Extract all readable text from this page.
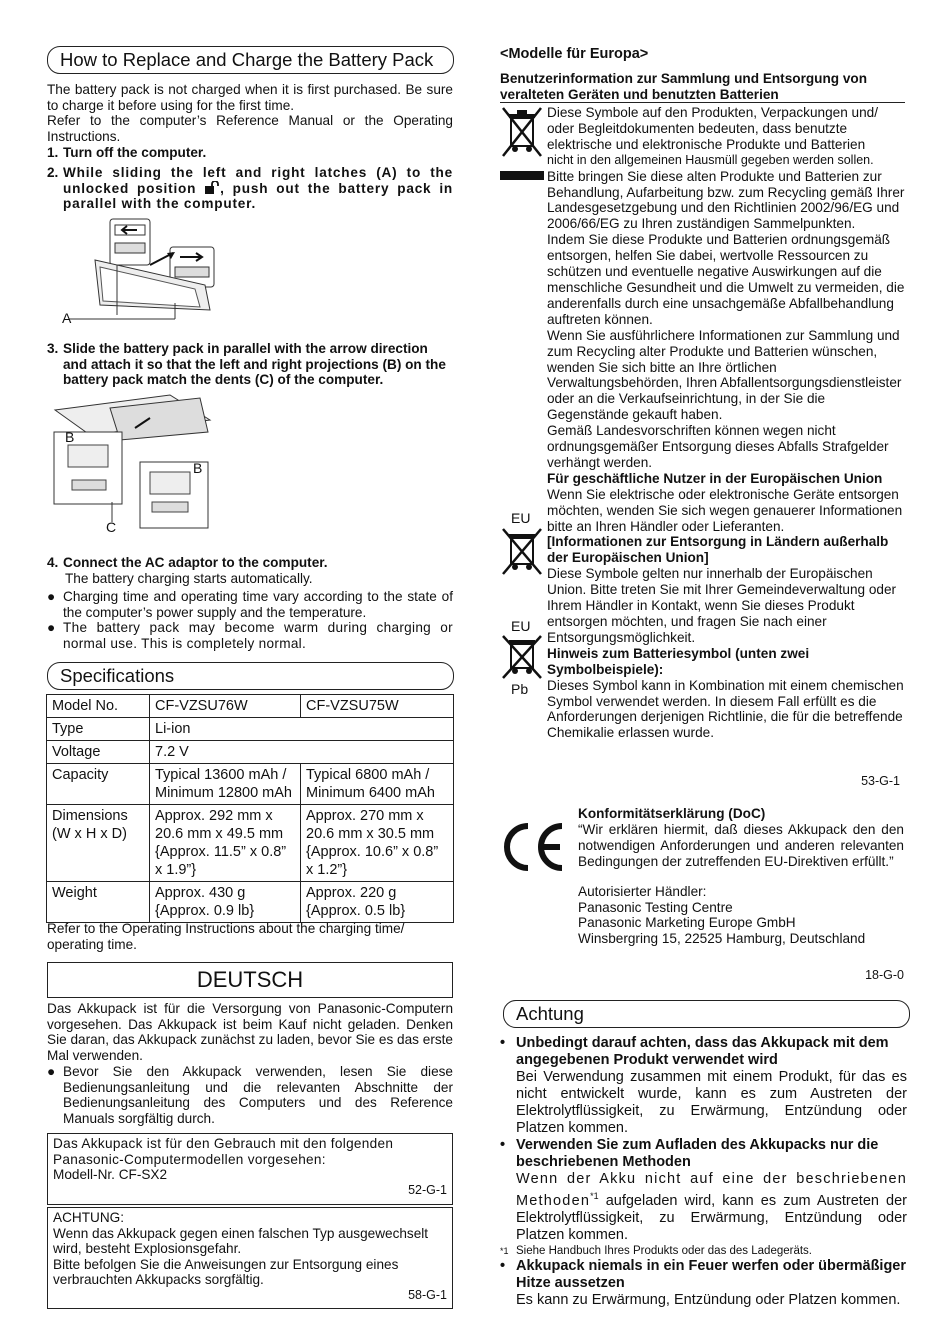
How to Replace and Charge the Battery Pack

The battery pack is not charged when it is first purchased. Be sure to charge it before using for the first time.

Refer to the computer’s Reference Manual or the Operating Instructions.

1. Turn off the computer.
2. While sliding the left and right latches (A) to the unlocked position , push out the battery pack in parallel with the computer.
A
3. Slide the battery pack in parallel with the arrow direction and attach it so that the left and right projections (B) on the battery pack match the dents (C) of the computer.
B
B
C
4. Connect the AC adaptor to the computer.
The battery charging starts automatically.
● Charging time and operating time vary according to the state of the computer’s power supply and the temperature.
● The battery pack may become warm during charging or normal use. This is completely normal.
Specifications
Model No.	CF-VZSU76W	CF-VZSU75W
Type	Li-ion	
Voltage	7.2 V	
Capacity	Typical 13600 mAh / Minimum 12800 mAh	Typical 6800 mAh / Minimum 6400 mAh
Dimensions (W x H x D)	Approx. 292 mm x 20.6 mm x 49.5 mm {Approx. 11.5” x 0.8” x 1.9”}	Approx. 270 mm x 20.6 mm x 30.5 mm {Approx. 10.6” x 0.8” x 1.2”}
Weight	Approx. 430 g {Approx. 0.9 lb}	Approx. 220 g {Approx. 0.5 lb}
Refer to the Operating Instructions about the charging time/ operating time.
DEUTSCH
Das Akkupack ist für die Versorgung von Panasonic-Computern vorgesehen. Das Akkupack ist beim Kauf nicht geladen. Denken Sie daran, das Akkupack zunächst zu laden, bevor Sie es das erste Mal verwenden.
● Bevor Sie den Akkupack verwenden, lesen Sie diese Bedienungsanleitung und die relevanten Abschnitte der Bedienungsanleitung des Computers und des Reference Manuals sorgfältig durch.
Das Akkupack ist für den Gebrauch mit den folgenden Panasonic-Computermodellen vorgesehen:
Modell-Nr. CF-SX2
52-G-1
ACHTUNG:
Wenn das Akkupack gegen einen falschen Typ ausgewechselt wird, besteht Explosionsgefahr.
Bitte befolgen Sie die Anweisungen zur Entsorgung eines verbrauchten Akkupacks sorgfältig.
58-G-1
<Modelle für Europa>
Benutzerinformation zur Sammlung und Entsorgung von veralteten Geräten und benutzten Batterien

Diese Symbole auf den Produkten, Verpackungen und/ oder Begleitdokumenten bedeuten, dass benutzte elektrische und elektronische Produkte und Batterien

nicht in den allgemeinen Hausmüll gegeben werden sollen.

Bitte bringen Sie diese alten Produkte und Batterien zur Behandlung, Aufarbeitung bzw. zum Recycling gemäß Ihrer Landesgesetzgebung und den Richtlinien 2002/96/EG und 2006/66/EG zu Ihren zuständigen Sammelpunkten.

Indem Sie diese Produkte und Batterien ordnungsgemäß entsorgen, helfen Sie dabei, wertvolle Ressourcen zu schützen und eventuelle negative Auswirkungen auf die menschliche Gesundheit und die Umwelt zu vermeiden, die anderenfalls durch eine unsachgemäße Abfallbehandlung auftreten können.

Wenn Sie ausführlichere Informationen zur Sammlung und zum Recycling alter Produkte und Batterien wünschen, wenden Sie sich bitte an Ihre örtlichen Verwaltungsbehörden, Ihren Abfallentsorgungsdienstleister oder an die Verkaufseinrichtung, in der Sie die Gegenstände gekauft haben.

Gemäß Landesvorschriften können wegen nicht ordnungsgemäßer Entsorgung dieses Abfalls Strafgelder verhängt werden.

Für geschäftliche Nutzer in der Europäischen Union

Wenn Sie elektrische oder elektronische Geräte entsorgen möchten, wenden Sie sich wegen genauerer Informationen bitte an Ihren Händler oder Lieferanten.

[Informationen zur Entsorgung in Ländern außerhalb der Europäischen Union]

Diese Symbole gelten nur innerhalb der Europäischen Union. Bitte treten Sie mit Ihrer Gemeindeverwaltung oder Ihrem Händler in Kontakt, wenn Sie dieses Produkt entsorgen möchten, und fragen Sie nach einer Entsorgungsmöglichkeit.

Hinweis zum Batteriesymbol (unten zwei Symbolbeispiele):

Dieses Symbol kann in Kombination mit einem chemischen Symbol verwendet werden. In diesem Fall erfüllt es die Anforderungen derjenigen Richtlinie, die für die betreffende Chemikalie erlassen wurde.

EU
EU
Pb
53-G-1

Konformitätserklärung (DoC)

“Wir erklären hiermit, daß dieses Akkupack den den notwendigen Anforderungen und anderen relevanten Bedingungen der zutreffenden EU-Direktiven erfüllt.”

Autorisierter Händler:

Panasonic Testing Centre

Panasonic Marketing Europe GmbH

Winsbergring 15, 22525 Hamburg, Deutschland

18-G-0
Achtung
• Unbedingt darauf achten, dass das Akkupack mit dem angegebenen Produkt verwendet wird
Bei Verwendung zusammen mit einem Produkt, für das es nicht entwickelt wurde, kann es zum Austreten der Elektrolytflüssigkeit, zu Erwärmung, Entzündung oder Platzen kommen.
• Verwenden Sie zum Aufladen des Akkupacks nur die beschriebenen Methoden
Wenn der Akku nicht auf eine der beschriebenen Methoden$^{*1}$ aufgeladen wird, kann es zum Austreten der Elektrolytflüssigkeit, zu Erwärmung, Entzündung oder Platzen kommen.
*1 Siehe Handbuch Ihres Produkts oder das des Ladegeräts.
• Akkupack niemals in ein Feuer werfen oder übermäßiger Hitze aussetzen
Es kann zu Erwärmung, Entzündung oder Platzen kommen.
